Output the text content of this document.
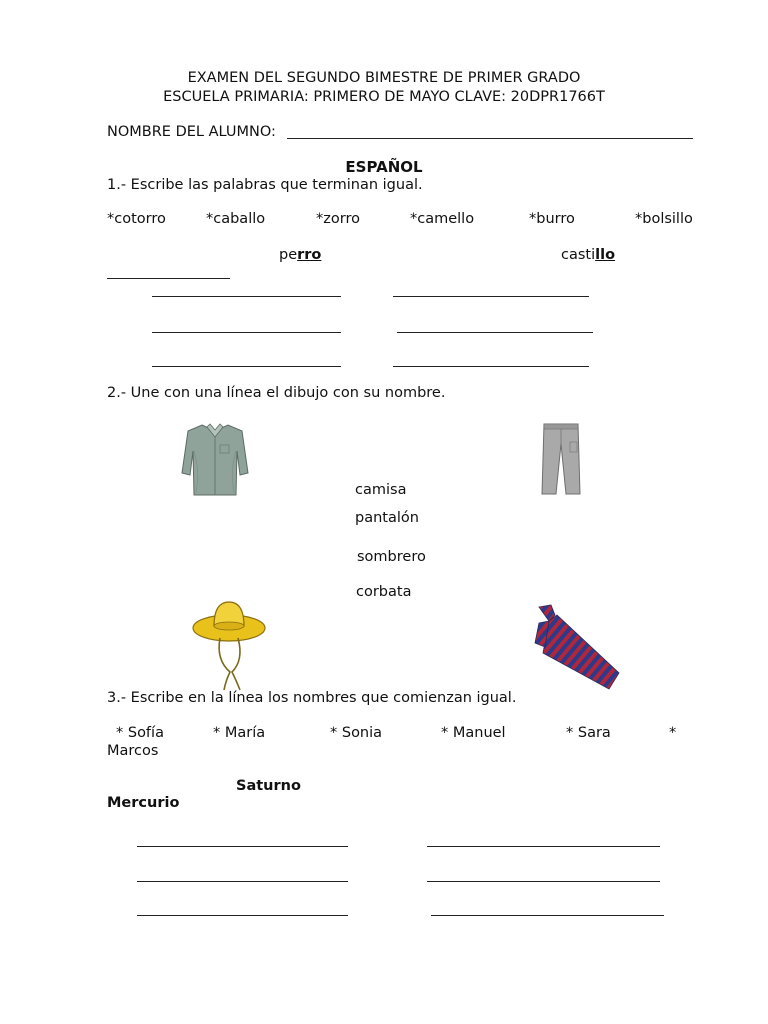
EXAMEN DEL SEGUNDO BIMESTRE DE PRIMER GRADO
ESCUELA PRIMARIA: PRIMERO DE MAYO CLAVE: 20DPR1766T
NOMBRE DEL ALUMNO:
ESPAÑOL
1.- Escribe las palabras que terminan igual.
*cotorro	*caballo	*zorro	*camello	*burro	*bolsillo
perro	castillo
2.- Une con una línea el dibujo con su nombre.
camisa
pantalón
sombrero
corbata
3.- Escribe en la línea los nombres que comienzan igual.
* Sofía	* María	* Sonia	* Manuel	* Sara	*
Marcos
Saturno
Mercurio
